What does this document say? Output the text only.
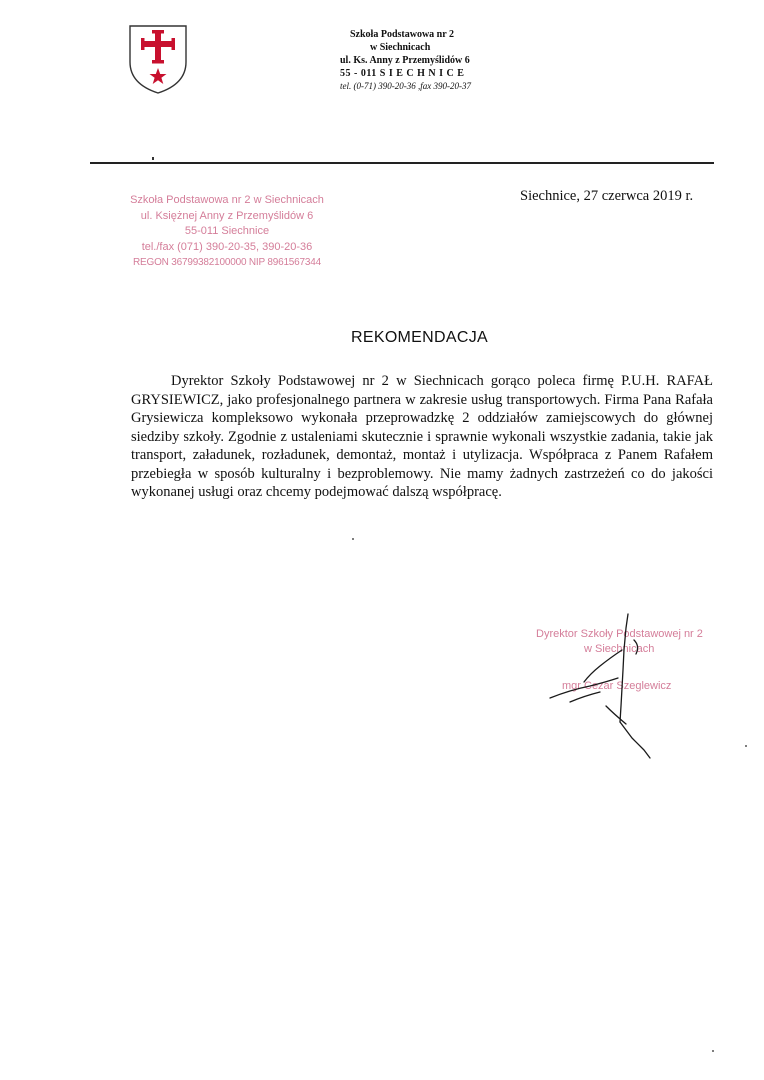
Szkoła Podstawowa nr 2
w Siechnicach
ul. Ks. Anny z Przemyślidów 6
55 - 011 S I E C H N I C E
tel. (0-71) 390-20-36 ,fax 390-20-37
Szkoła Podstawowa nr 2 w Siechnicach
ul. Księżnej Anny z Przemyślidów 6
55-011 Siechnice
tel./fax (071) 390-20-35, 390-20-36
REGON 36799382100000 NIP 8961567344
Siechnice, 27 czerwca 2019 r.
REKOMENDACJA
Dyrektor Szkoły Podstawowej nr 2 w Siechnicach gorąco poleca firmę P.U.H. RAFAŁ GRYSIEWICZ, jako profesjonalnego partnera w zakresie usług transportowych. Firma Pana Rafała Grysiewicza kompleksowo wykonała przeprowadzkę 2 oddziałów zamiejscowych do głównej siedziby szkoły. Zgodnie z ustaleniami skutecznie i sprawnie wykonali wszystkie zadania, takie jak transport, załadunek, rozładunek, demontaż, montaż i utylizacja. Współpraca z Panem Rafałem przebiegła w sposób kulturalny i bezproblemowy. Nie mamy żadnych zastrzeżeń co do jakości wykonanej usługi oraz chcemy podejmować dalszą współpracę.
Dyrektor Szkoły Podstawowej nr 2
w Siechnicach
mgr Cezar Szeglewicz
